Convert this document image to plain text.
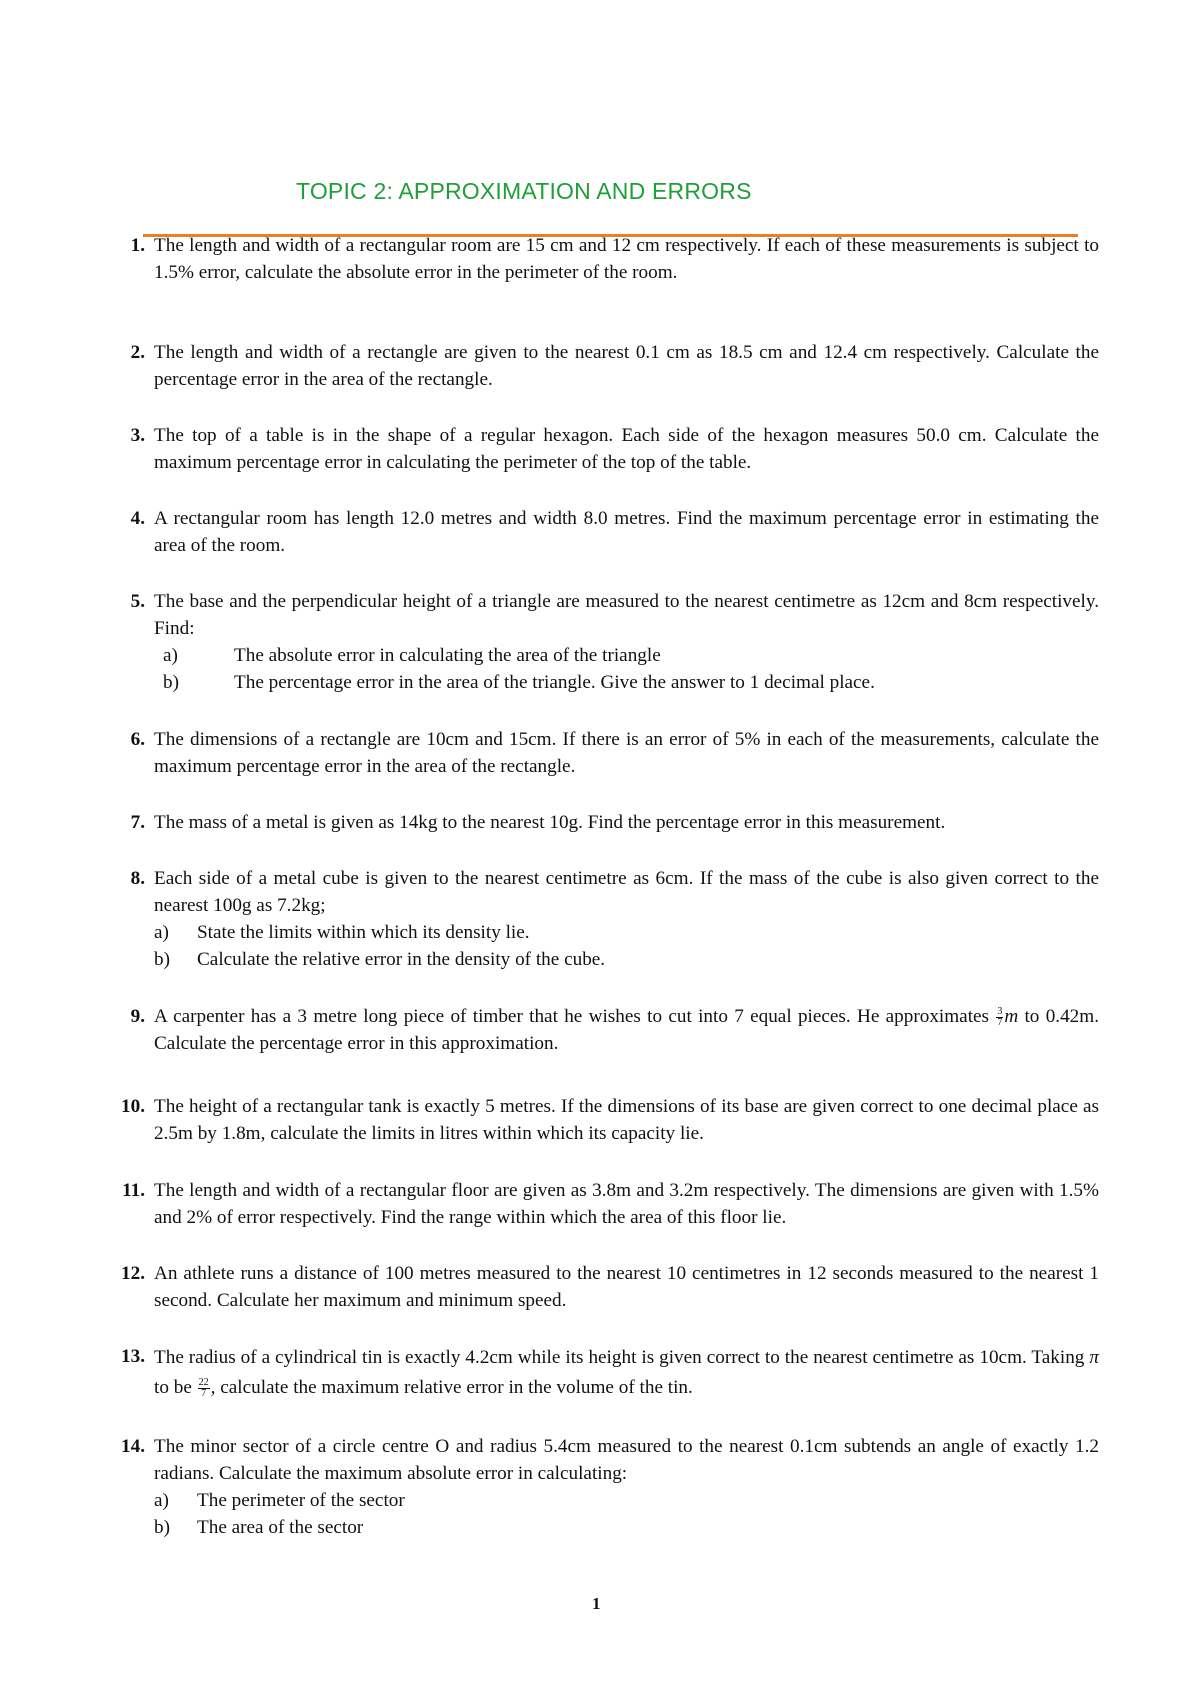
TOPIC 2: APPROXIMATION AND ERRORS
1. The length and width of a rectangular room are 15 cm and 12 cm respectively. If each of these measurements is subject to 1.5% error, calculate the absolute error in the perimeter of the room.

2. The length and width of a rectangle are given to the nearest 0.1 cm as 18.5 cm and 12.4 cm respectively. Calculate the percentage error in the area of the rectangle.

3. The top of a table is in the shape of a regular hexagon. Each side of the hexagon measures 50.0 cm. Calculate the maximum percentage error in calculating the perimeter of the top of the table.

4. A rectangular room has length 12.0 metres and width 8.0 metres. Find the maximum percentage error in estimating the area of the room.

5. The base and the perpendicular height of a triangle are measured to the nearest centimetre as 12cm and 8cm respectively. Find:

a)	The absolute error in calculating the area of the triangle
b)	The percentage error in the area of the triangle. Give the answer to 1 decimal place.
6. The dimensions of a rectangle are 10cm and 15cm. If there is an error of 5% in each of the measurements, calculate the maximum percentage error in the area of the rectangle.

7. The mass of a metal is given as 14kg to the nearest 10g. Find the percentage error in this measurement.

8. Each side of a metal cube is given to the nearest centimetre as 6cm. If the mass of the cube is also given correct to the nearest 100g as 7.2kg;

a)	State the limits within which its density lie.
b)	Calculate the relative error in the density of the cube.
9. A carpenter has a 3 metre long piece of timber that he wishes to cut into 7 equal pieces. He approximates $\frac{3}{7}$ m to 0.42m. Calculate the percentage error in this approximation.

10. The height of a rectangular tank is exactly 5 metres. If the dimensions of its base are given correct to one decimal place as 2.5m by 1.8m, calculate the limits in litres within which its capacity lie.

11. The length and width of a rectangular floor are given as 3.8m and 3.2m respectively. The dimensions are given with 1.5% and 2% of error respectively. Find the range within which the area of this floor lie.

12. An athlete runs a distance of 100 metres measured to the nearest 10 centimetres in 12 seconds measured to the nearest 1 second. Calculate her maximum and minimum speed.

13. The radius of a cylindrical tin is exactly 4.2cm while its height is given correct to the nearest centimetre as 10cm. Taking π to be $\frac{22}{7}$ , calculate the maximum relative error in the volume of the tin.

14. The minor sector of a circle centre O and radius 5.4cm measured to the nearest 0.1cm subtends an angle of exactly 1.2 radians. Calculate the maximum absolute error in calculating:

a)	The perimeter of the sector
b)	The area of the sector
1
